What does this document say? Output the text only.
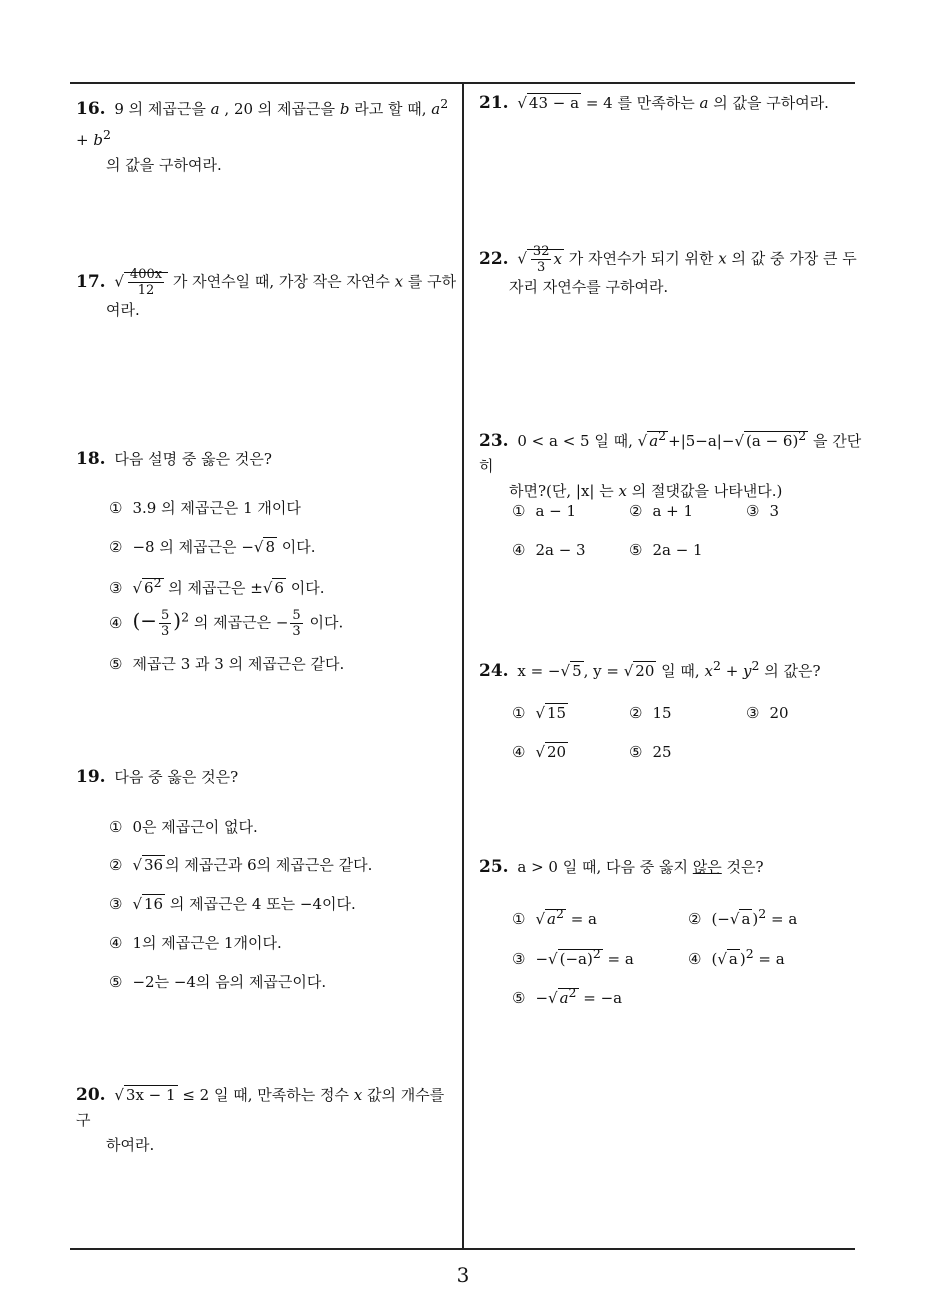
16. 9 의 제곱근을 a , 20 의 제곱근을 b 라고 할 때, $a^2 + b^2$
의 값을 구하여라.
17. √ $\frac{400x}{12}$ 가 자연수일 때, 가장 작은 자연수 x 를 구하
여라.
18. 다음 설명 중 옳은 것은?
① 3.9 의 제곱근은 1 개이다
② −8 의 제곱근은 −√ 8 이다.
③ √ $6^2$ 의 제곱근은 ±√ 6 이다.
④ (− $\frac{5}{3} )^2$ 의 제곱근은 − $\frac{5}{3}$ 이다.
⑤ 제곱근 3 과 3 의 제곱근은 같다.
19. 다음 중 옳은 것은?
① 0은 제곱근이 없다.
② √ 36 의 제곱근과 6의 제곱근은 같다.
③ √ 16 의 제곱근은 4 또는 −4이다.
④ 1의 제곱근은 1개이다.
⑤ −2는 −4의 음의 제곱근이다.
20. √ 3x − 1 ≤ 2 일 때, 만족하는 정수 x 값의 개수를 구
하여라.
21. √ 43 − a = 4 를 만족하는 a 의 값을 구하여라.
22. √ $\frac{32}{3}$ x 가 자연수가 되기 위한 x 의 값 중 가장 큰 두
자리 자연수를 구하여라.
23. 0 < a < 5 일 때, √ $a^2 +|5-a|-√$ $(a - 6)^2$ 을 간단히
하면?(단, |x| 는 x 의 절댓값을 나타낸다.)
① a − 1	② a + 1	③ 3
④ 2a − 3	⑤ 2a − 1
24. x = −√ 5 , y = √ 20 일 때, $x^2 + y^2$ 의 값은?
① √ 15	② 15	③ 20
④ √ 20	⑤ 25
25. a > 0 일 때, 다음 중 옳지 않은 것은?
① √ $a^2 = a$	② (−√ a )$^2$ = a
③ −√ $(-a)^2 = a$	④ (√ a )$^2$ = a
⑤ −√ $a^2 = -a$
3
